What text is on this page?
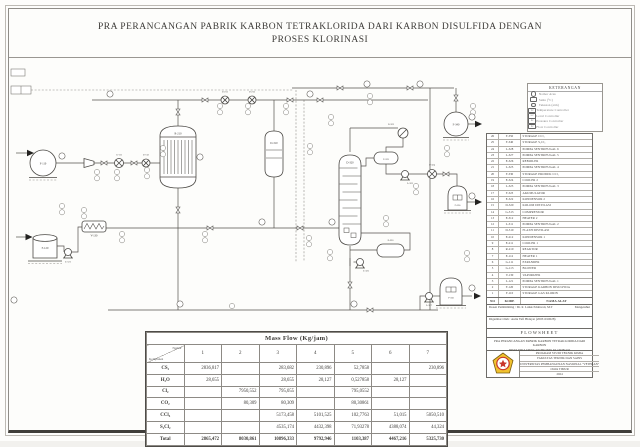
PRA PERANCANGAN PABRIK KARBON TETRAKLORIDA DARI KARBON DISULFIDA DENGAN
PROSES KLORINASI
F-110
F-120
L-121
V-130
G-111	E-112
R-210
E-211	E-212
D-310
D-320
E-322
F-323
L-323
E-324
E-326
L-325
L-327
F-340
F-330
F-350
KETERANGAN
Nomor Arus
Suhu (°C)
Tekanan (atm)
TC Temperature Controller
LC Level Controller
PC Pressure Controller
FC Flow Controller
26	F-350	STORAGE CCl₄
25	F-340	STORAGE S₂Cl₂
24	L-328	POMPA SENTRIFUGAL 6
23	L-327	POMPA SENTRIFUGAL 5
22	E-326	REBOILER
21	L-325	POMPA SENTRIFUGAL 4
20	F-330	STORAGE PRODUK CCl₄
19	E-324	COOLER 2
18	L-323	POMPA SENTRIFUGAL 3
17	F-323	AKUMULATOR
16	E-322	KONDENSOR 2
15	D-320	KOLOM DISTILASI
14	G-313	COMPRESSOR
13	E-312	HEATER 2
12	L-311	POMPA SENTRIFUGAL 2
11	D-310	FLASH DISTILASI
10	E-212	KONDENSOR 1
9	E-211	COOLER 1
8	R-210	REAKTOR
7	E-112	HEATER 1
6	G-111	EXPANDER
5	G-113	BLOWER
4	V-130	VAPORIZER
3	L-121	POMPA SENTRIFUGAL 1
2	F-120	STORAGE KARBON DISULFIDA
1	F-110	STORAGE GAS KLORIN
NO	KODE	NAMA ALAT
Dosen Pembimbing : Dr. Ir. Luluk Edahwati, M.T	Mengetahui
Digambar Oleh : Aulia Yafi Hidayat (20031010028)
FLOWSHEET
PRA PERANCANGAN PABRIK KARBON TETRAKLORIDA DARI KARBON
DISULFIDA DENGAN PROSES KLORINASI
PROGRAM STUDI TEKNIK KIMIA
FAKULTAS TEKNIK DAN SAINS
UNIVERSITAS PEMBANGUNAN NASIONAL "VETERAN"
JAWA TIMUR
2024
Mass Flow (Kg/jam)							

Nomor
Komponen	1	2	3	4	5	6	7
CS₂	2836,817		283,682	230,896	52,7858		230,896
H₂O	28,655		28,655	28,127	0,527858	28,127	
Cl₂		7950,552	795,055		795,0552		
CO₂		80,309	80,309		80,30861		
CCl₄			5173,458	5101,525	102,7763	51,015	5050,510
S₂Cl₂			4535,174	4432,398	71,93278	4388,074	44,324
Total	2865,472	8030,861	10896,333	9792,946	1103,387	4467,216	5325,730
